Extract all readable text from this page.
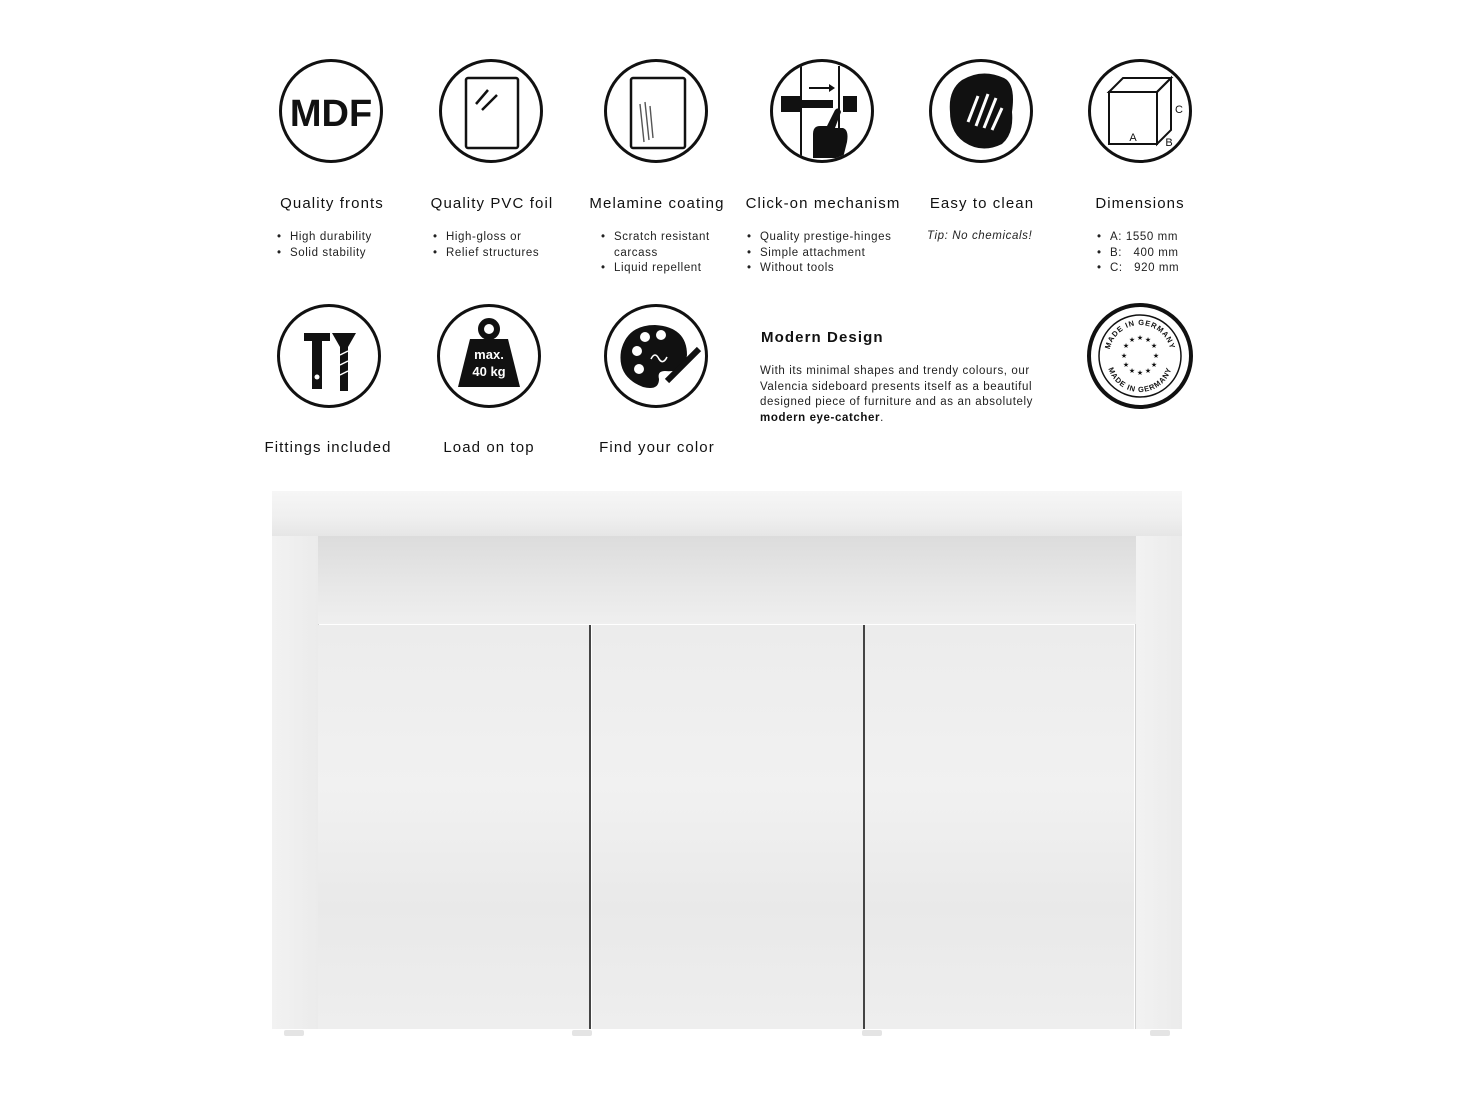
MDF
Quality fronts
• High durability
• Solid stability
Quality PVC foil
• High-gloss or
• Relief structures
Melamine coating
• Scratch resistant
carcass
• Liquid repellent
Click-on mechanism
• Quality prestige-hinges
• Simple attachment
• Without tools
Easy to clean
Tip: No chemicals!
A	B
C
Dimensions
• A: 1550 mm
• B:   400 mm
• C:   920 mm
Fittings included
max.
40 kg
Load on top	Find your color
Modern Design
With its minimal shapes and trendy colours, our Valencia sideboard presents itself as a beautiful designed piece of furniture and as an absolutely modern eye-catcher.
MADE IN GERMANY
MADE IN GERMANY
★ ★
★
★
★
★
★
★
★
★
★
★
